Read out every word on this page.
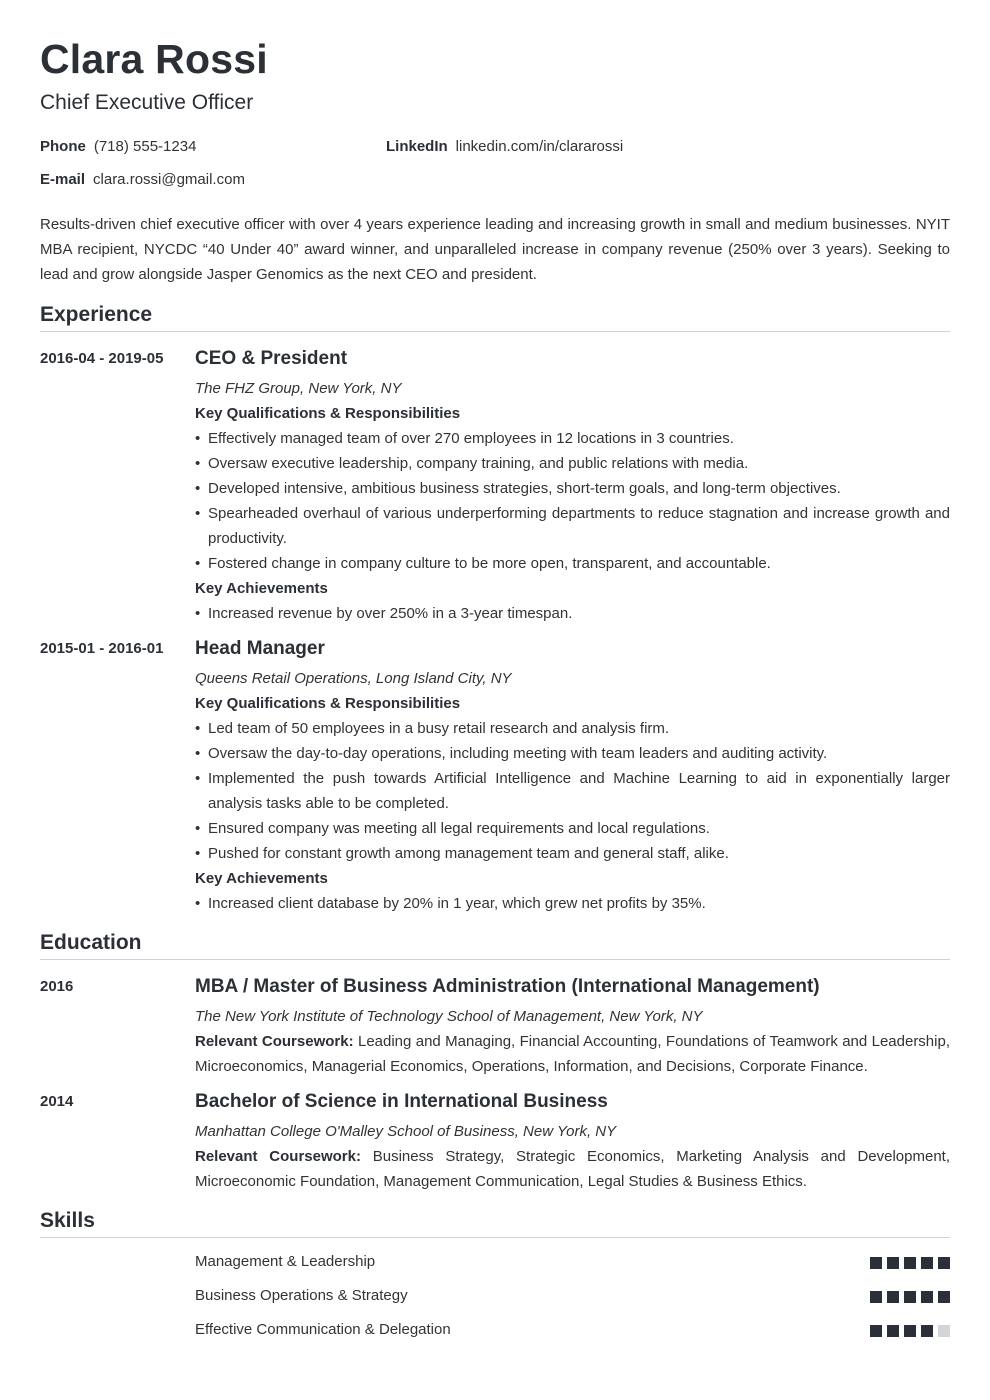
Clara Rossi
Chief Executive Officer
Phone (718) 555-1234	LinkedIn linkedin.com/in/clararossi
E-mail clara.rossi@gmail.com
Results-driven chief executive officer with over 4 years experience leading and increasing growth in small and medium businesses. NYIT MBA recipient, NYCDC “40 Under 40” award winner, and unparalleled increase in company revenue (250% over 3 years). Seeking to lead and grow alongside Jasper Genomics as the next CEO and president.
Experience
2016-04 - 2019-05 CEO & President
The FHZ Group, New York, NY
Key Qualifications & Responsibilities
• Effectively managed team of over 270 employees in 12 locations in 3 countries.
• Oversaw executive leadership, company training, and public relations with media.
• Developed intensive, ambitious business strategies, short-term goals, and long-term objectives.
• Spearheaded overhaul of various underperforming departments to reduce stagnation and increase growth and productivity.
• Fostered change in company culture to be more open, transparent, and accountable.
Key Achievements
• Increased revenue by over 250% in a 3-year timespan.
2015-01 - 2016-01 Head Manager
Queens Retail Operations, Long Island City, NY
Key Qualifications & Responsibilities
• Led team of 50 employees in a busy retail research and analysis firm.
• Oversaw the day-to-day operations, including meeting with team leaders and auditing activity.
• Implemented the push towards Artificial Intelligence and Machine Learning to aid in exponentially larger analysis tasks able to be completed.
• Ensured company was meeting all legal requirements and local regulations.
• Pushed for constant growth among management team and general staff, alike.
Key Achievements
• Increased client database by 20% in 1 year, which grew net profits by 35%.
Education
2016	MBA / Master of Business Administration (International Management)
The New York Institute of Technology School of Management, New York, NY
Relevant Coursework: Leading and Managing, Financial Accounting, Foundations of Teamwork and Leadership, Microeconomics, Managerial Economics, Operations, Information, and Decisions, Corporate Finance.
2014	Bachelor of Science in International Business
Manhattan College O'Malley School of Business, New York, NY
Relevant Coursework: Business Strategy, Strategic Economics, Marketing Analysis and Development, Microeconomic Foundation, Management Communication, Legal Studies & Business Ethics.
Skills
Management & Leadership
Business Operations & Strategy
Effective Communication & Delegation
